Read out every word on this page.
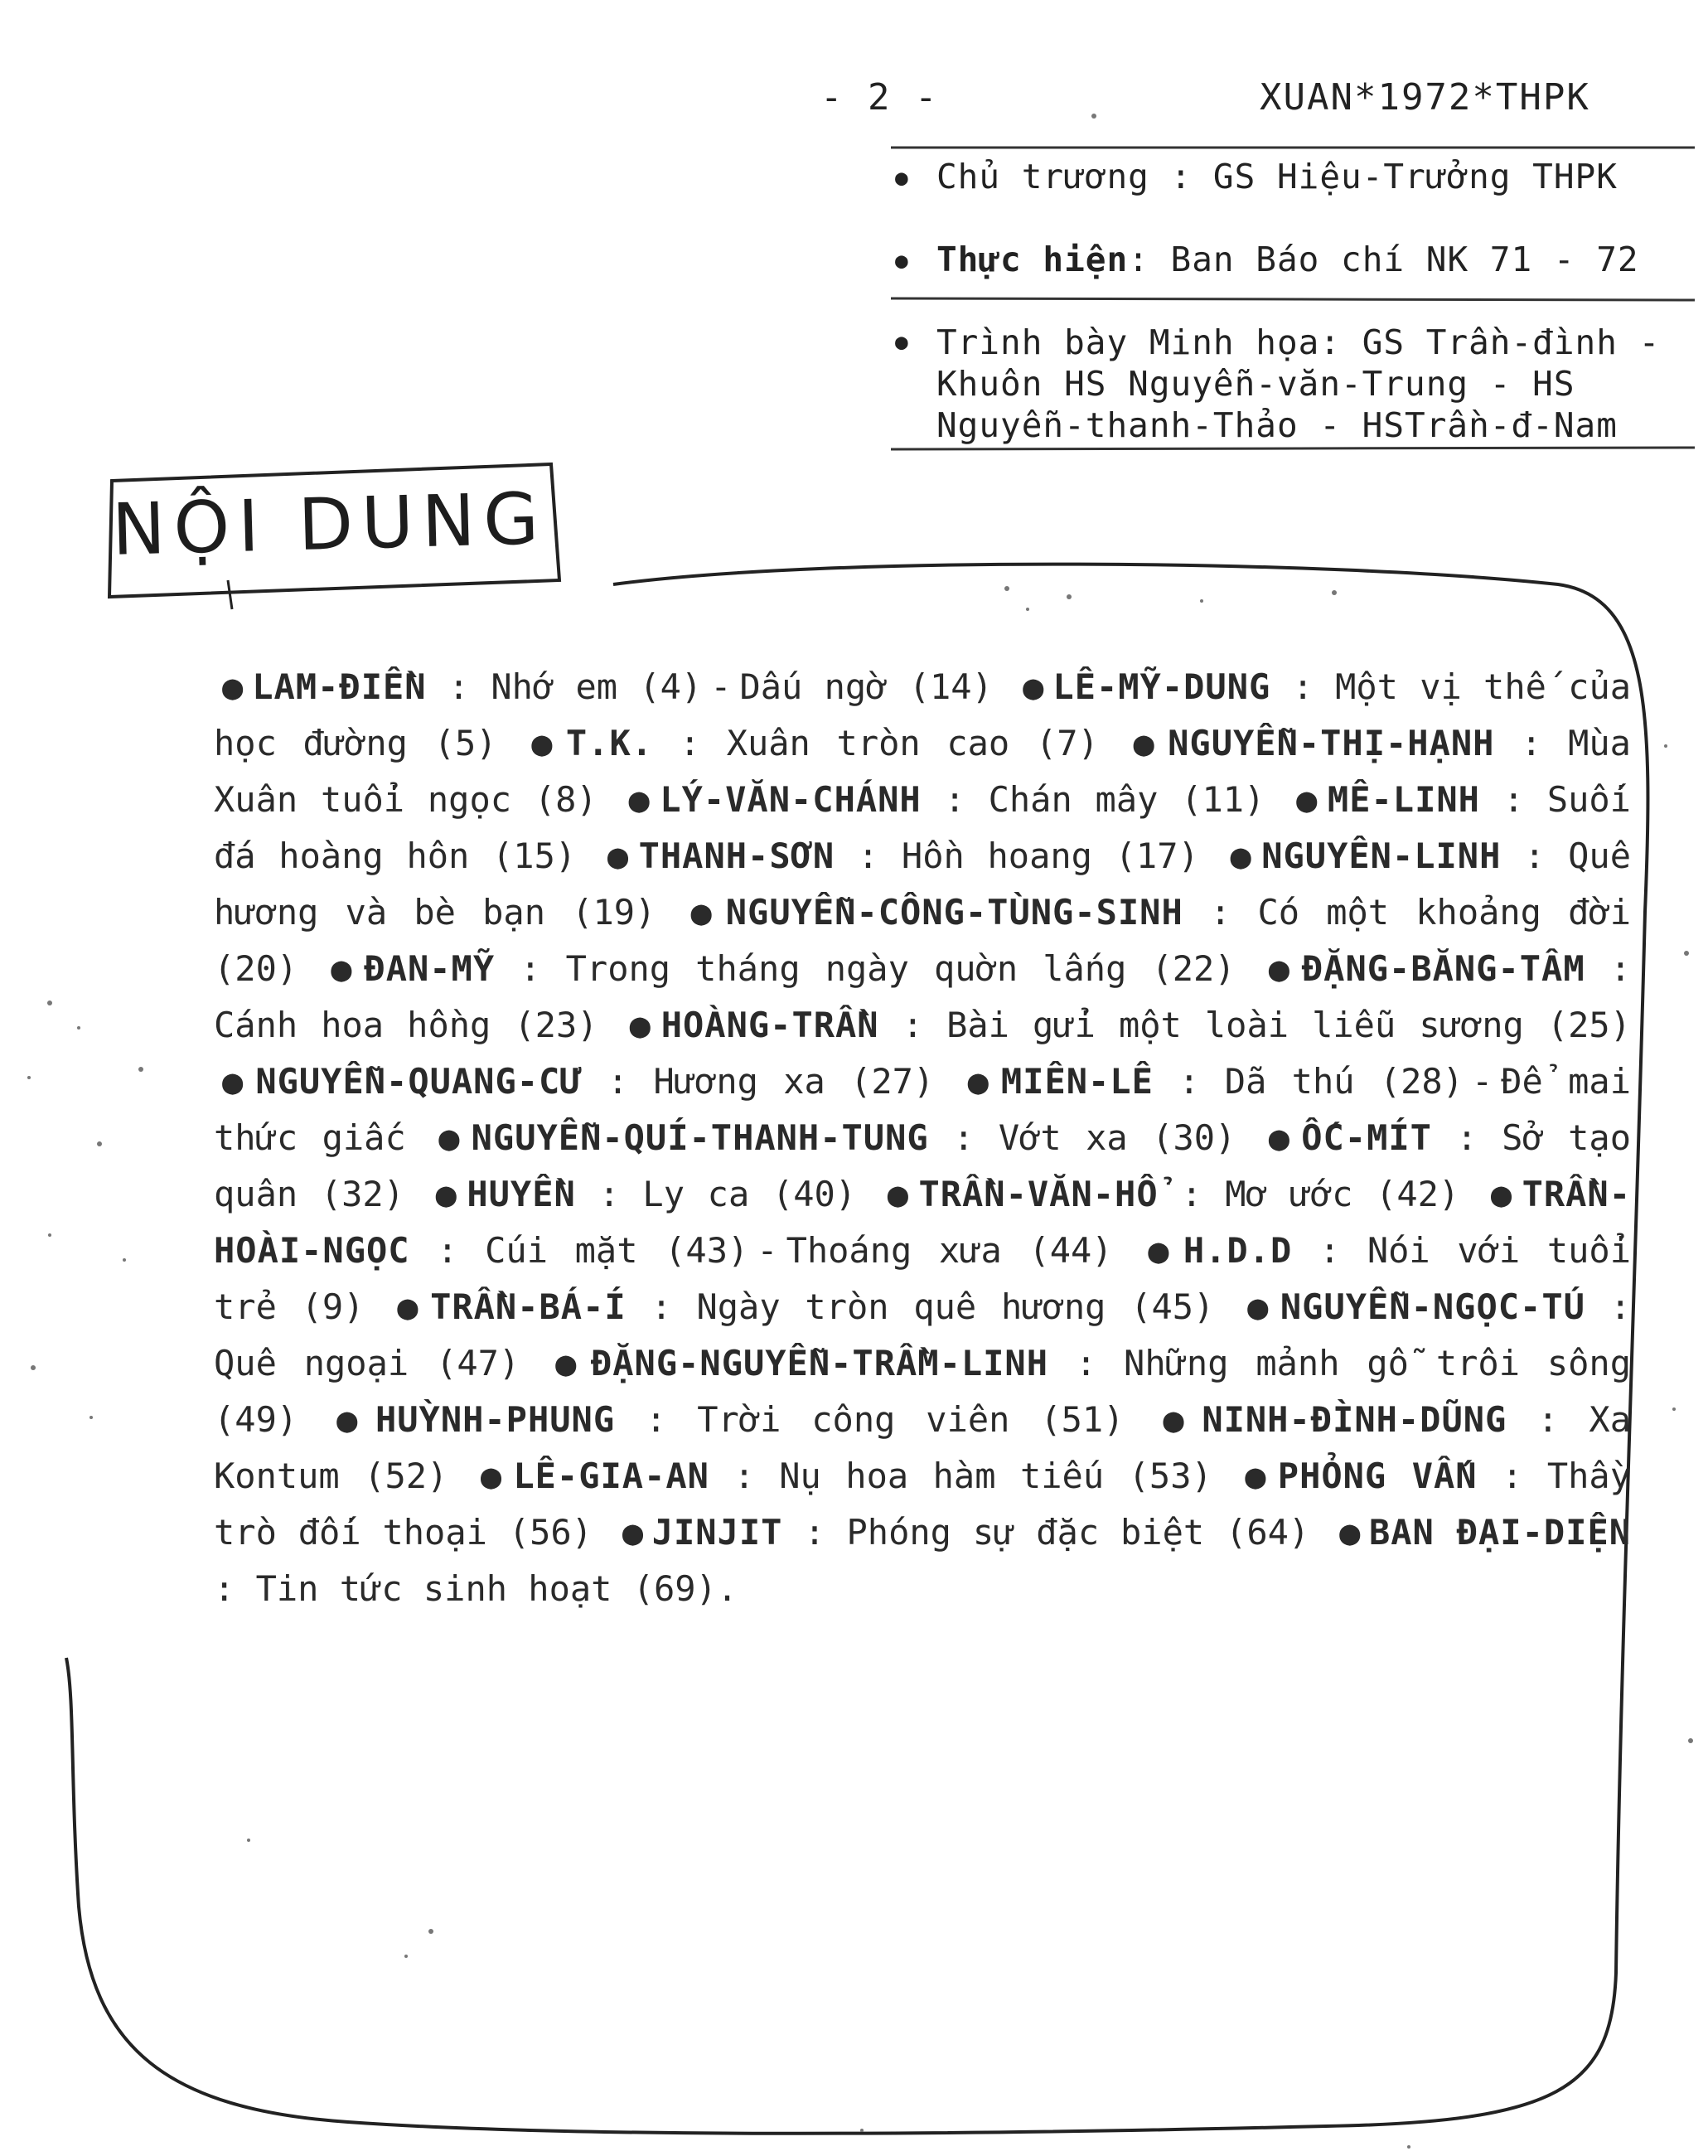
- 2 -	XUAN*1972*THPK
● Chủ trương : GS Hiệu-Trưởng THPK
● Thực hiện: Ban Báo chí NK 71 - 72
● Trình bày Minh họa: GS Trần-đình -Khuôn HS Nguyễn-văn-Trung - HS Nguyễn-thanh-Thảo - HSTrần-đ-Nam
NỘI DUNG
● LAM-ĐIỀN : Nhớ em (4) - Dấu ngờ (14) ● LÊ-MỸ-DUNG : Một vị thế của học đường (5) ● T.K. : Xuân tròn cao (7) ● NGUYỄN-THỊ-HẠNH : Mùa Xuân tuổi ngọc (8) ● LÝ-VĂN-CHÁNH : Chán mây (11) ● MÊ-LINH : Suối đá hoàng hôn (15) ● THANH-SƠN : Hồn hoang (17) ● NGUYÊN-LINH : Quê hương và bè bạn (19) ● NGUYỄN-CÔNG-TÙNG-SINH : Có một khoảng đời (20) ● ĐAN-MỸ : Trong tháng ngày quờn lấng (22) ● ĐẶNG-BĂNG-TÂM : Cánh hoa hồng (23) ● HOÀNG-TRẦN : Bài gửi một loài liễu sương (25) ● NGUYỄN-QUANG-CƯ : Hương xa (27) ● MIÊN-LÊ : Dã thú (28) - Để mai thức giấc ● NGUYỄN-QUÍ-THANH-TUNG : Vớt xa (30) ● ỐC-MÍT : Sở tạo quân (32) ● HUYỀN : Ly ca (40) ● TRẦN-VĂN-HỔ : Mơ ước (42) ● TRẦN-HOÀI-NGỌC : Cúi mặt (43) - Thoáng xưa (44) ● H.D.D : Nói với tuổi trẻ (9) ● TRẦN-BÁ-Í : Ngày tròn quê hương (45) ● NGUYỄN-NGỌC-TÚ : Quê ngoại (47) ● ĐẶNG-NGUYỄN-TRẦM-LINH : Những mảnh gỗ trôi sông (49) ● HUỲNH-PHUNG : Trời công viên (51) ● NINH-ĐÌNH-DŨNG : Xa Kontum (52) ● LÊ-GIA-AN : Nụ hoa hàm tiếu (53) ● PHỎNG VẤN : Thầy trò đối thoại (56) ● JINJIT : Phóng sự đặc biệt (64) ● BAN ĐẠI-DIỆN : Tin tức sinh hoạt (69).
